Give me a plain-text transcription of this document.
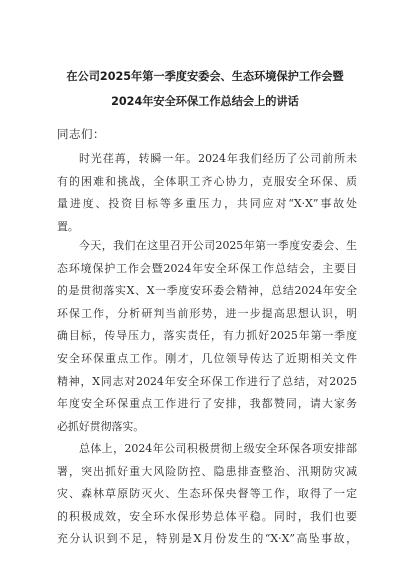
在公司2025年第一季度安委会、生态环境保护工作会暨
2024年安全环保工作总结会上的讲话
同志们：
时光荏苒，转瞬一年。2024年我们经历了公司前所未
有的困难和挑战，全体职工齐心协力，克服安全环保、质
量进度、投资目标等多重压力，共同应对“X·X”事故处
置。
今天，我们在这里召开公司2025年第一季度安委会、生
态环境保护工作会暨2024年安全环保工作总结会，主要目
的是贯彻落实X、X一季度安环委会精神，总结2024年安全
环保工作，分析研判当前形势，进一步提高思想认识，明
确目标，传导压力，落实责任，有力抓好2025年第一季度
安全环保重点工作。刚才，几位领导传达了近期相关文件
精神，X同志对2024年安全环保工作进行了总结，对2025
年度安全环保重点工作进行了安排，我都赞同，请大家务
必抓好贯彻落实。
总体上，2024年公司积极贯彻上级安全环保各项安排部
署，突出抓好重大风险防控、隐患排查整治、汛期防灾减
灾、森林草原防灭火、生态环保央督等工作，取得了一定
的积极成效，安全环水保形势总体平稳。同时，我们也要
充分认识到不足，特别是X月份发生的“X·X”高坠事故，
